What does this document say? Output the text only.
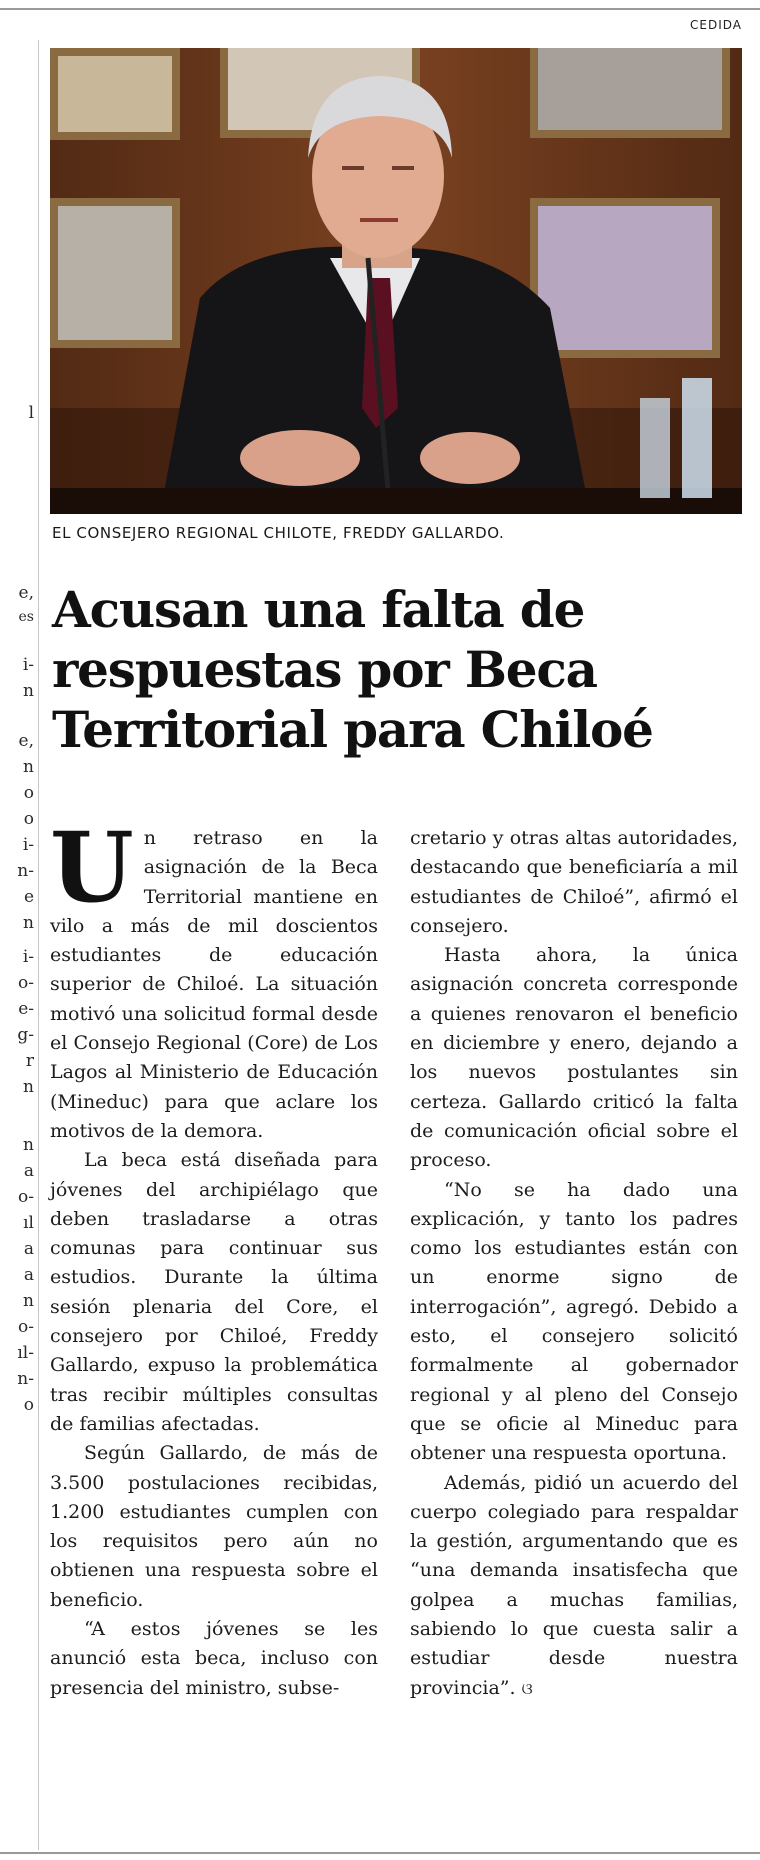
CEDIDA
l
e,
es
i-
n
e,
n
o
o
i-
n-
e
n
i-
o-
e-
g-
r
n
n
a
o-
ıl
a
a
n
o-
ıl-
n-
o
EL CONSEJERO REGIONAL CHILOTE, FREDDY GALLARDO.
Acusan una falta de respuestas por Beca Territorial para Chiloé

Un retraso en la asignación de la Beca Territorial mantiene en vilo a más de mil doscientos estudiantes de educación superior de Chiloé. La situación motivó una solicitud formal desde el Consejo Regional (Core) de Los Lagos al Ministerio de Educación (Mineduc) para que aclare los motivos de la demora.

La beca está diseñada para jóvenes del archipiélago que deben trasladarse a otras comunas para continuar sus estudios. Durante la última sesión plenaria del Core, el consejero por Chiloé, Freddy Gallardo, expuso la problemática tras recibir múltiples consultas de familias afectadas.

Según Gallardo, de más de 3.500 postulaciones recibidas, 1.200 estudiantes cumplen con los requisitos pero aún no obtienen una respuesta sobre el beneficio.

“A estos jóvenes se les anunció esta beca, incluso con presencia del ministro, subse-

cretario y otras altas autoridades, destacando que beneficiaría a mil estudiantes de Chiloé”, afirmó el consejero.

Hasta ahora, la única asignación concreta corresponde a quienes renovaron el beneficio en diciembre y enero, dejando a los nuevos postulantes sin certeza. Gallardo criticó la falta de comunicación oficial sobre el proceso.

“No se ha dado una explicación, y tanto los padres como los estudiantes están con un enorme signo de interrogación”, agregó. Debido a esto, el consejero solicitó formalmente al gobernador regional y al pleno del Consejo que se oficie al Mineduc para obtener una respuesta oportuna.

Además, pidió un acuerdo del cuerpo colegiado para respaldar la gestión, argumentando que es “una demanda insatisfecha que golpea a muchas familias, sabiendo lo que cuesta salir a estudiar desde nuestra provincia”. ଓ
